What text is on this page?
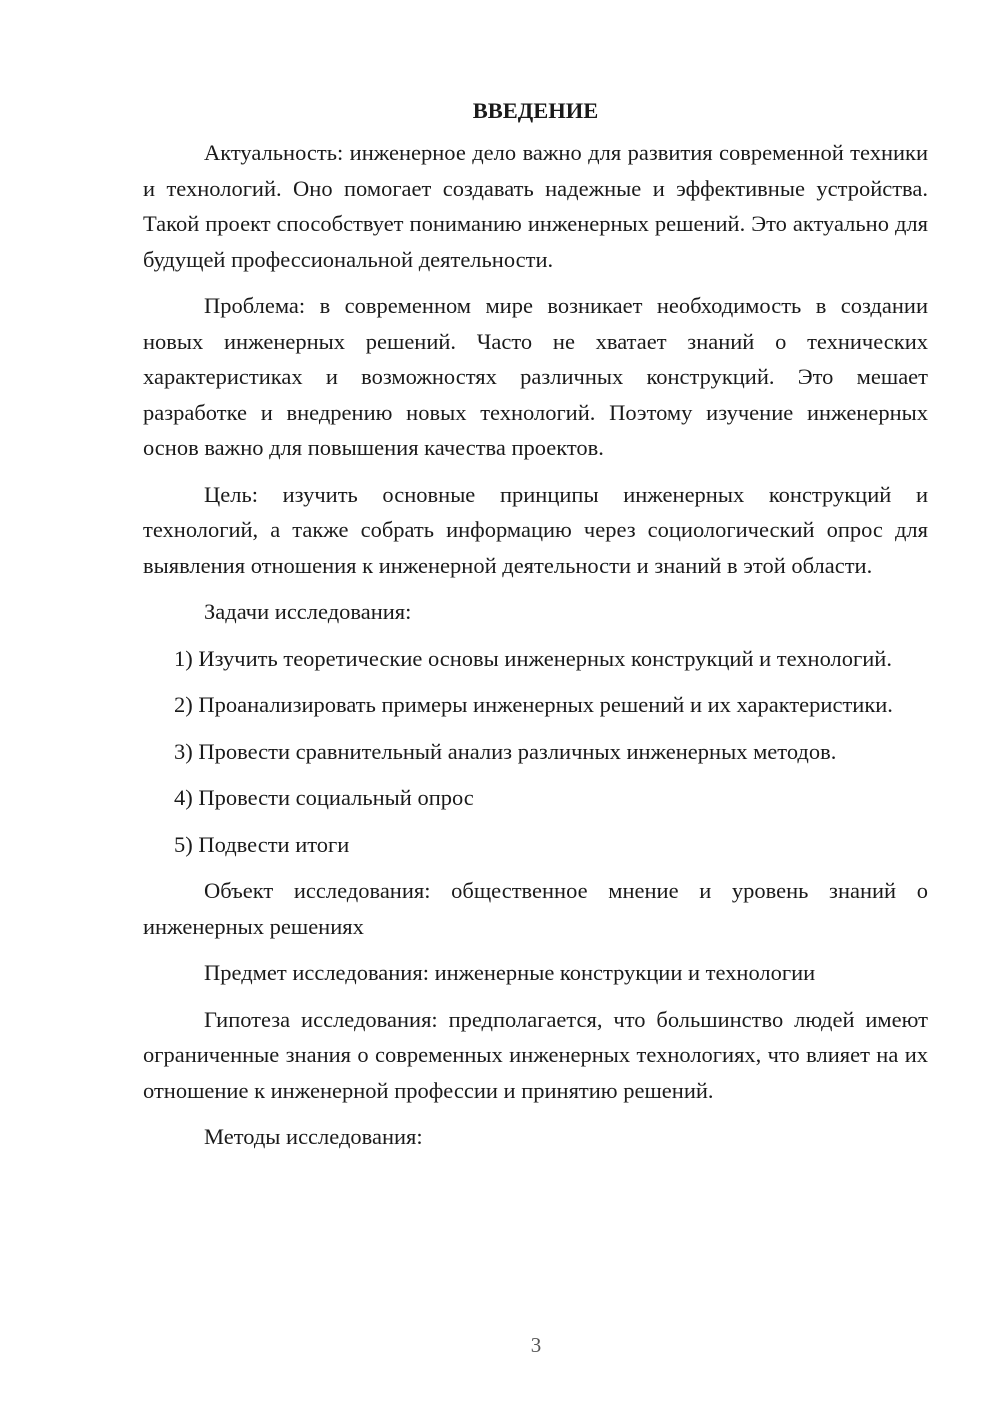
ВВЕДЕНИЕ

Актуальность: инженерное дело важно для развития современной техники и технологий. Оно помогает создавать надежные и эффективные устройства. Такой проект способствует пониманию инженерных решений. Это актуально для будущей профессиональной деятельности.

Проблема: в современном мире возникает необходимость в создании новых инженерных решений. Часто не хватает знаний о технических характеристиках и возможностях различных конструкций. Это мешает разработке и внедрению новых технологий. Поэтому изучение инженерных основ важно для повышения качества проектов.

Цель: изучить основные принципы инженерных конструкций и технологий, а также собрать информацию через социологический опрос для выявления отношения к инженерной деятельности и знаний в этой области.

Задачи исследования:

1) Изучить теоретические основы инженерных конструкций и технологий.

2) Проанализировать примеры инженерных решений и их характеристики.

3) Провести сравнительный анализ различных инженерных методов.

4) Провести социальный опрос

5) Подвести итоги

Объект исследования: общественное мнение и уровень знаний о инженерных решениях

Предмет исследования: инженерные конструкции и технологии

Гипотеза исследования: предполагается, что большинство людей имеют ограниченные знания о современных инженерных технологиях, что влияет на их отношение к инженерной профессии и принятию решений.

Методы исследования:

3
